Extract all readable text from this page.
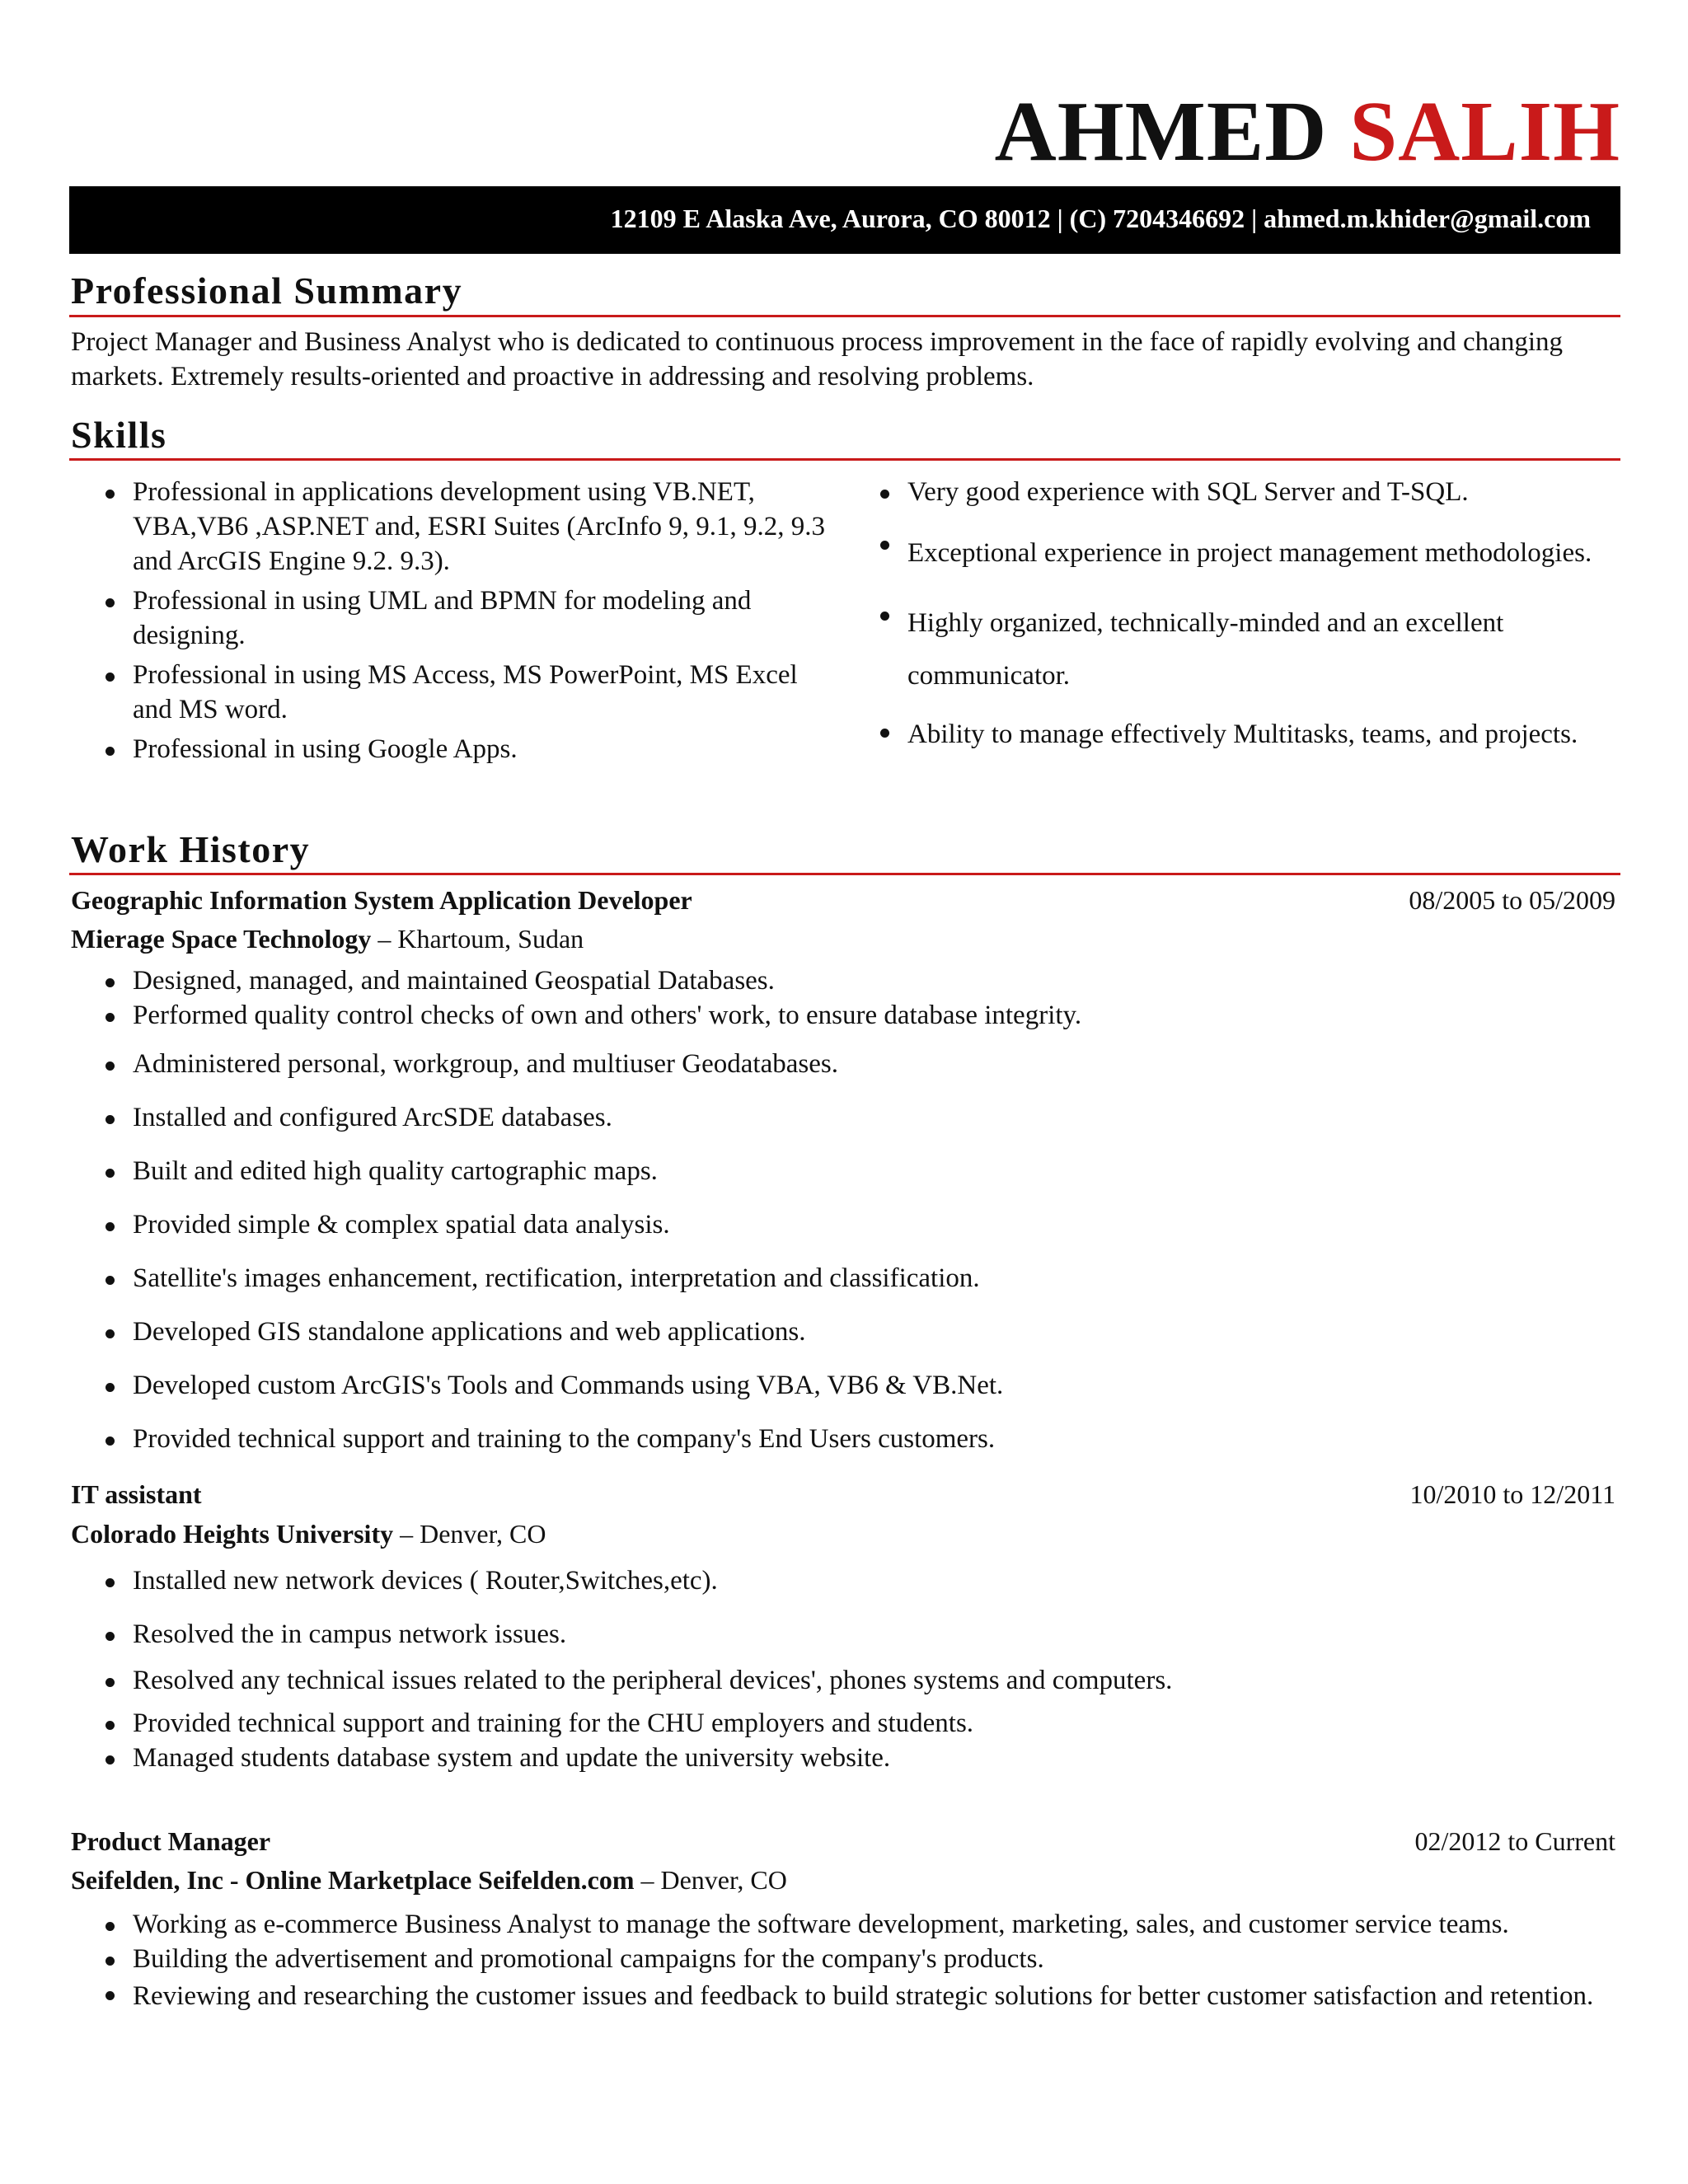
AHMED SALIH
12109 E Alaska Ave, Aurora, CO 80012 | (C) 7204346692 | ahmed.m.khider@gmail.com
Professional Summary
Project Manager and Business Analyst who is dedicated to continuous process improvement in the face of rapidly evolving and changing markets. Extremely results-oriented and proactive in addressing and resolving problems.
Skills
Professional in applications development using VB.NET, VBA,VB6 ,ASP.NET and, ESRI Suites (ArcInfo 9, 9.1, 9.2, 9.3 and ArcGIS Engine 9.2. 9.3).
Professional in using UML and BPMN for modeling and designing.
Professional in using MS Access, MS PowerPoint, MS Excel and MS word.
Professional in using Google Apps.
Very good experience with SQL Server and T-SQL.
Exceptional experience in project management methodologies.
Highly organized, technically-minded and an excellent communicator.
Ability to manage effectively Multitasks, teams, and projects.
Work History
Geographic Information System Application Developer	08/2005 to 05/2009
Mierage Space Technology – Khartoum, Sudan
Designed, managed, and maintained Geospatial Databases.
Performed quality control checks of own and others' work, to ensure database integrity.
Administered personal, workgroup, and multiuser Geodatabases.
Installed and configured ArcSDE databases.
Built and edited high quality cartographic maps.
Provided simple & complex spatial data analysis.
Satellite's images enhancement, rectification, interpretation and classification.
Developed GIS standalone applications and web applications.
Developed custom ArcGIS's Tools and Commands using VBA, VB6 & VB.Net.
Provided technical support and training to the company's End Users customers.
IT assistant	10/2010 to 12/2011
Colorado Heights University – Denver, CO
Installed new network devices ( Router,Switches,etc).
Resolved the in campus network issues.
Resolved any technical issues related to the peripheral devices', phones systems and computers.
Provided technical support and training for the CHU employers and students.
Managed students database system and update the university website.
Product Manager	02/2012 to Current
Seifelden, Inc - Online Marketplace Seifelden.com – Denver, CO
Working as e-commerce Business Analyst to manage the software development, marketing, sales, and customer service teams.
Building the advertisement and promotional campaigns for the company's products.
Reviewing and researching the customer issues and feedback to build strategic solutions for better customer satisfaction and retention.
